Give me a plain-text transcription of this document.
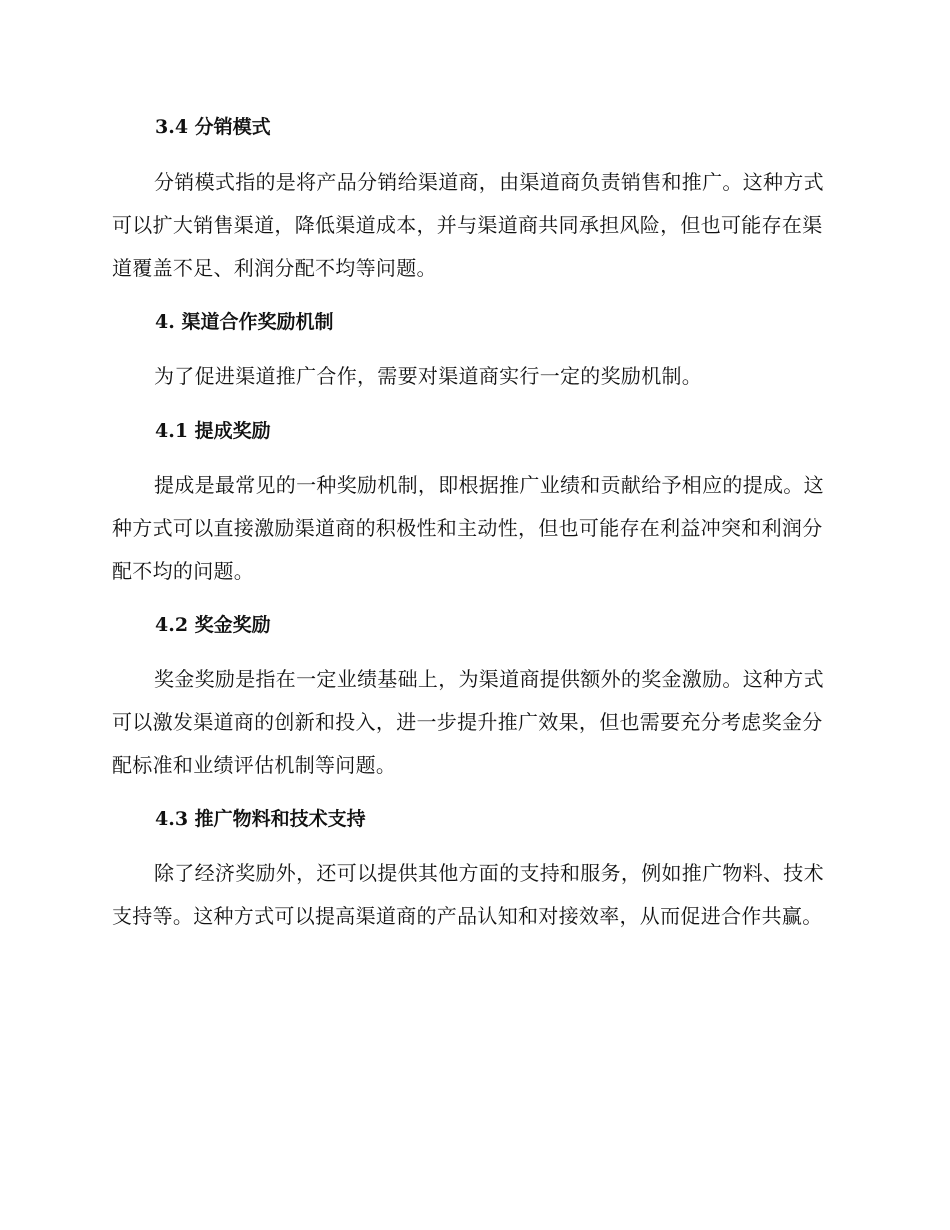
3.4 分销模式

分销模式指的是将产品分销给渠道商，由渠道商负责销售和推广。这种方式可以扩大销售渠道，降低渠道成本，并与渠道商共同承担风险，但也可能存在渠道覆盖不足、利润分配不均等问题。

4. 渠道合作奖励机制

为了促进渠道推广合作，需要对渠道商实行一定的奖励机制。

4.1 提成奖励

提成是最常见的一种奖励机制，即根据推广业绩和贡献给予相应的提成。这种方式可以直接激励渠道商的积极性和主动性，但也可能存在利益冲突和利润分配不均的问题。

4.2 奖金奖励

奖金奖励是指在一定业绩基础上，为渠道商提供额外的奖金激励。这种方式可以激发渠道商的创新和投入，进一步提升推广效果，但也需要充分考虑奖金分配标准和业绩评估机制等问题。

4.3 推广物料和技术支持

除了经济奖励外，还可以提供其他方面的支持和服务，例如推广物料、技术支持等。这种方式可以提高渠道商的产品认知和对接效率，从而促进合作共赢。
